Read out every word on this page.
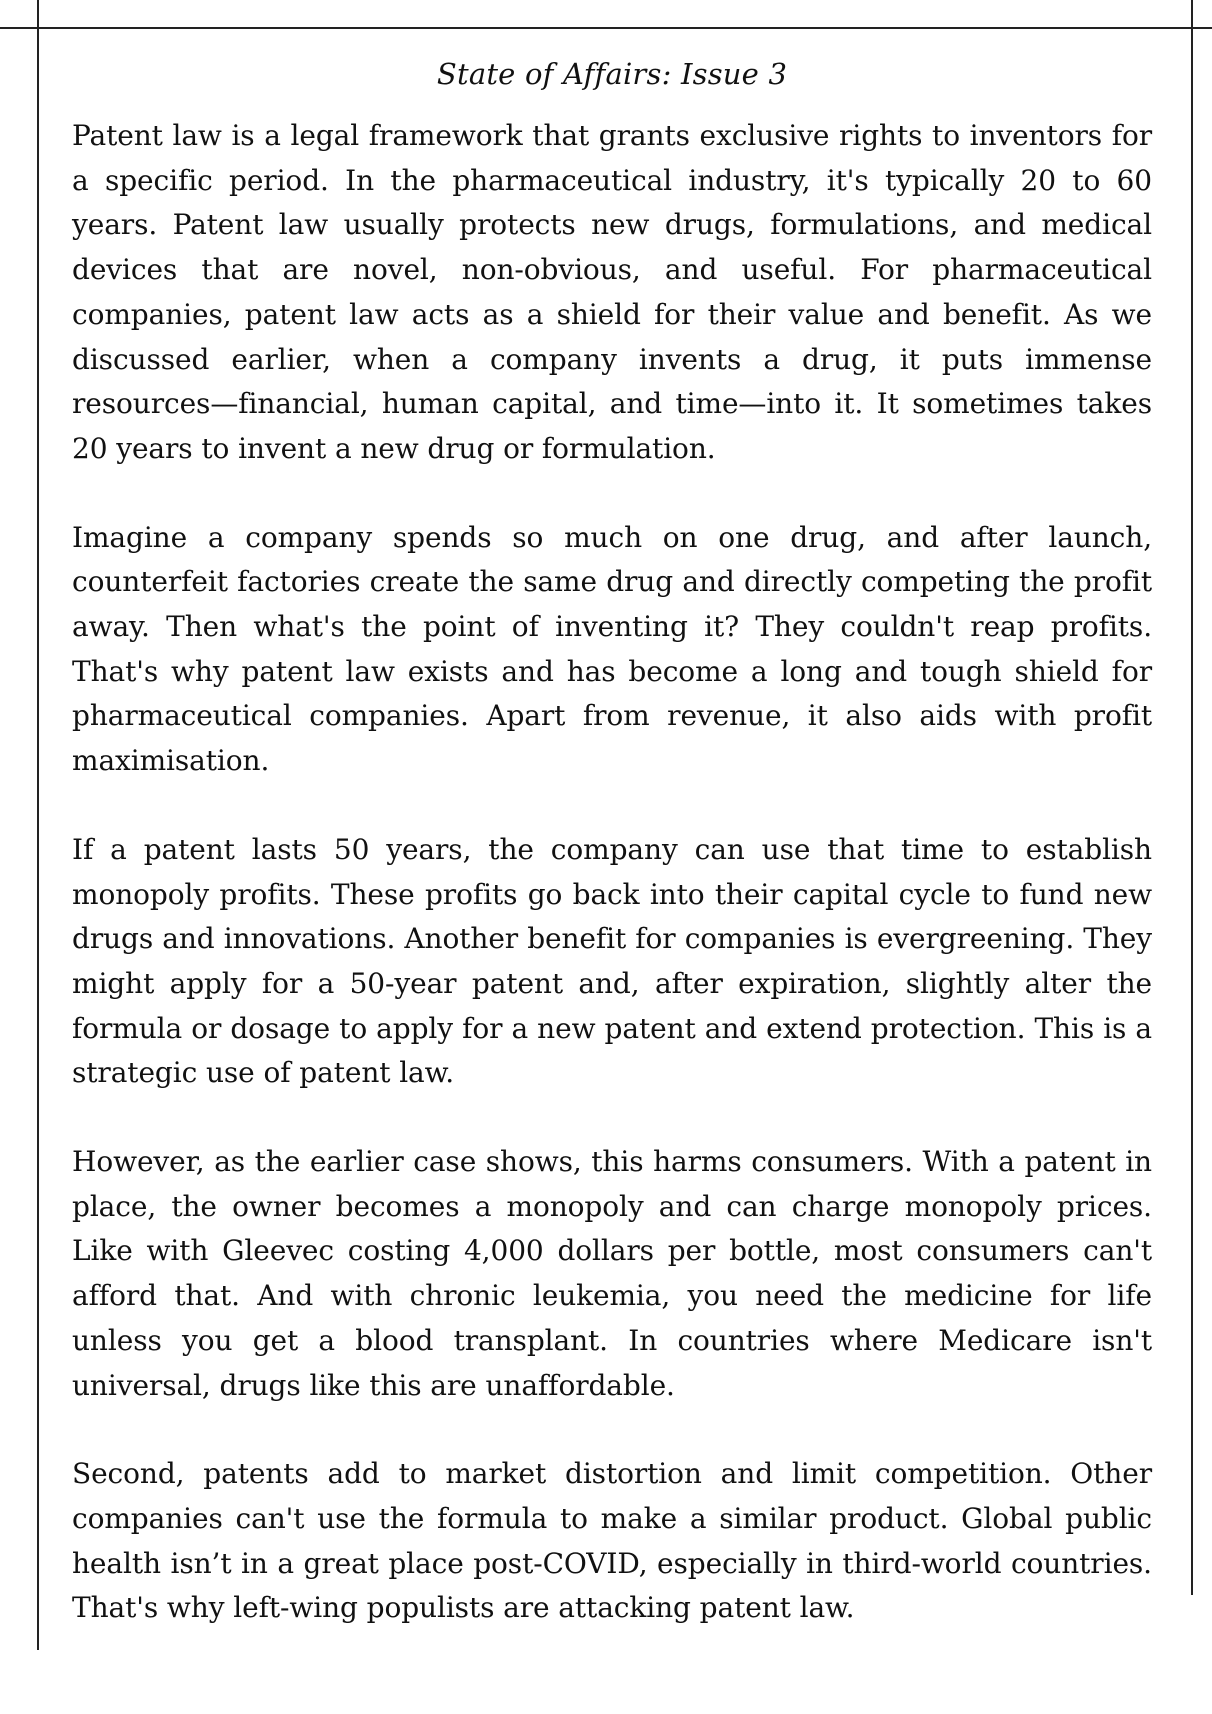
State of Affairs: Issue 3

Patent law is a legal framework that grants exclusive rights to inventors for a specific period. In the pharmaceutical industry, it's typically 20 to 60 years. Patent law usually protects new drugs, formulations, and medical devices that are novel, non-obvious, and useful. For pharmaceutical companies, patent law acts as a shield for their value and benefit. As we discussed earlier, when a company invents a drug, it puts immense resources—financial, human capital, and time—into it. It sometimes takes 20 years to invent a new drug or formulation.

Imagine a company spends so much on one drug, and after launch, counterfeit factories create the same drug and directly competing the profit away. Then what's the point of inventing it? They couldn't reap profits. That's why patent law exists and has become a long and tough shield for pharmaceutical companies. Apart from revenue, it also aids with profit maximisation.

If a patent lasts 50 years, the company can use that time to establish monopoly profits. These profits go back into their capital cycle to fund new drugs and innovations. Another benefit for companies is evergreening. They might apply for a 50-year patent and, after expiration, slightly alter the formula or dosage to apply for a new patent and extend protection. This is a strategic use of patent law.

However, as the earlier case shows, this harms consumers. With a patent in place, the owner becomes a monopoly and can charge monopoly prices. Like with Gleevec costing 4,000 dollars per bottle, most consumers can't afford that. And with chronic leukemia, you need the medicine for life unless you get a blood transplant. In countries where Medicare isn't universal, drugs like this are unaffordable.

Second, patents add to market distortion and limit competition. Other companies can't use the formula to make a similar product. Global public health isn’t in a great place post-COVID, especially in third-world countries. That's why left-wing populists are attacking patent law.
